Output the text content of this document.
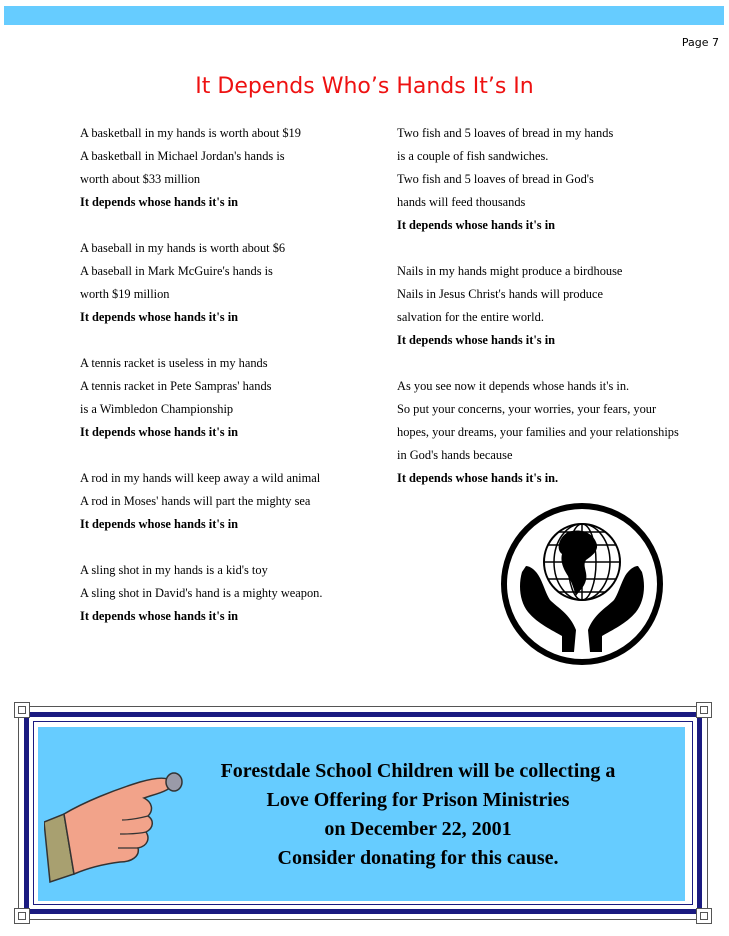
Page 7
It Depends Who’s Hands It’s In
A basketball in my hands is worth about $19
A basketball in Michael Jordan's hands is
worth about $33 million
It depends whose hands it's in
A baseball in my hands is worth about $6
A baseball in Mark McGuire's hands is
worth $19 million
It depends whose hands it's in
A tennis racket is useless in my hands
A tennis racket in Pete Sampras' hands
is a Wimbledon Championship
It depends whose hands it's in
A rod in my hands will keep away a wild animal
A rod in Moses' hands will part the mighty sea
It depends whose hands it's in
A sling shot in my hands is a kid's toy
A sling shot in David's hand is a mighty weapon.
It depends whose hands it's in
Two fish and 5 loaves of bread in my hands
is a couple of fish sandwiches.
Two fish and 5 loaves of bread in God's
hands will feed thousands
It depends whose hands it's in
Nails in my hands might produce a birdhouse
Nails in Jesus Christ's hands will produce
salvation for the entire world.
It depends whose hands it's in
As you see now it depends whose hands it's in.
So put your concerns, your worries, your fears, your
hopes, your dreams, your families and your relationships
in God's hands because
It depends whose hands it's in.
Forestdale School Children will be collecting a
Love Offering for Prison Ministries
on December 22, 2001
Consider donating for this cause.
